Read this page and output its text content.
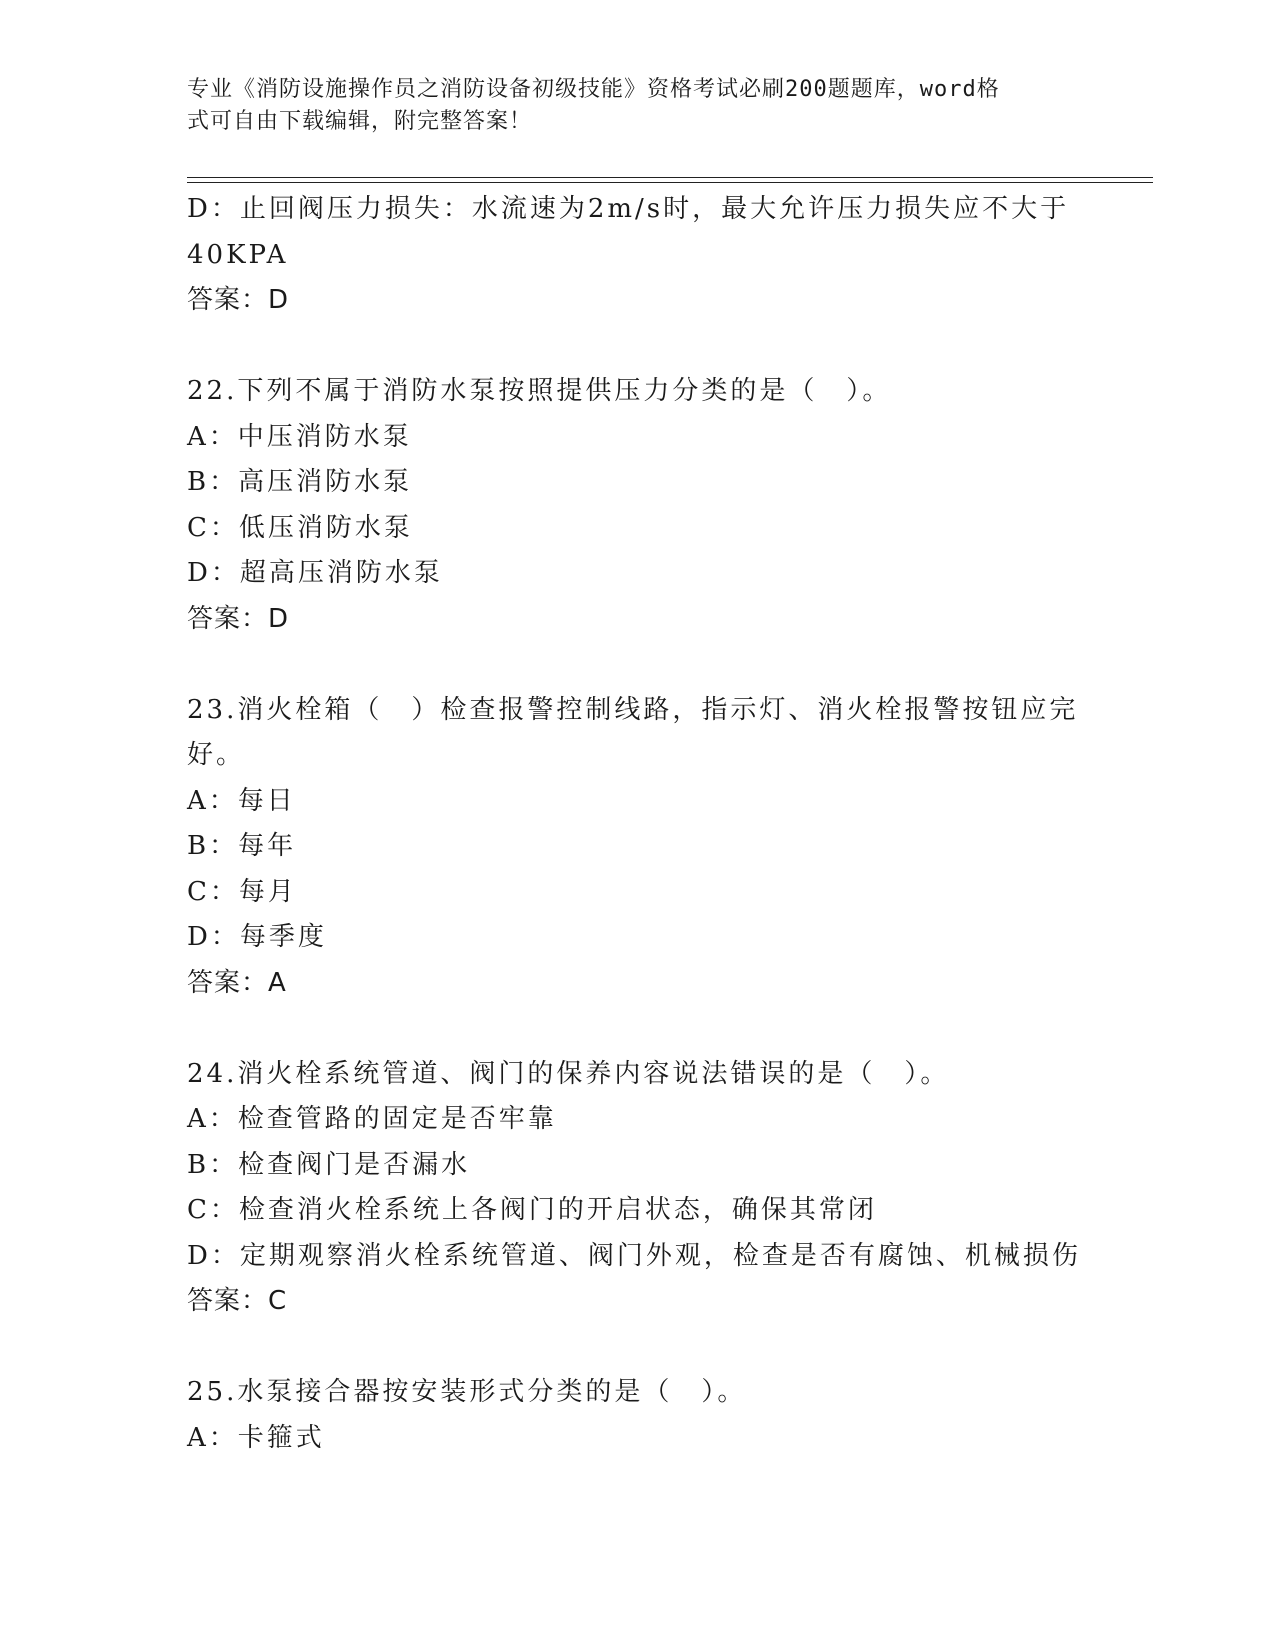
专业《消防设施操作员之消防设备初级技能》资格考试必刷200题题库，word格
式可自由下载编辑，附完整答案！
D：止回阀压力损失：水流速为2m/s时，最大允许压力损失应不大于
40KPA
答案：D
22.下列不属于消防水泵按照提供压力分类的是（　）。
A：中压消防水泵
B：高压消防水泵
C：低压消防水泵
D：超高压消防水泵
答案：D
23.消火栓箱（　）检查报警控制线路，指示灯、消火栓报警按钮应完
好。
A：每日
B：每年
C：每月
D：每季度
答案：A
24.消火栓系统管道、阀门的保养内容说法错误的是（　）。
A：检查管路的固定是否牢靠
B：检查阀门是否漏水
C：检查消火栓系统上各阀门的开启状态，确保其常闭
D：定期观察消火栓系统管道、阀门外观，检查是否有腐蚀、机械损伤
答案：C
25.水泵接合器按安装形式分类的是（　）。
A：卡箍式
